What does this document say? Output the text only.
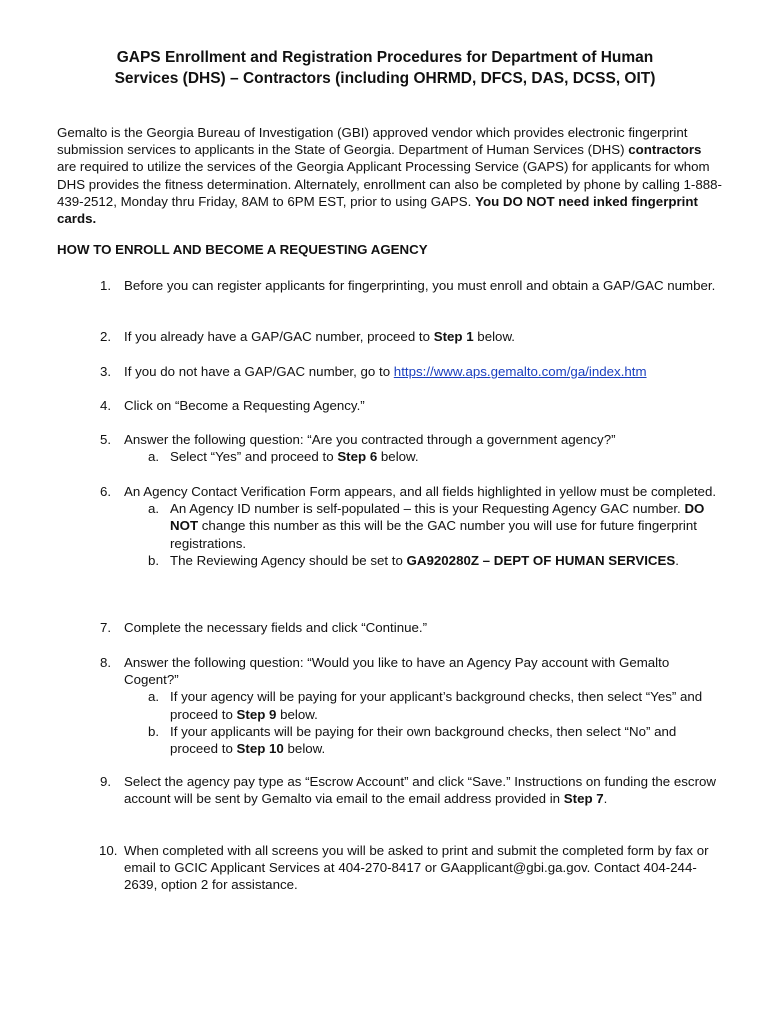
GAPS Enrollment and Registration Procedures for Department of Human
Services (DHS) – Contractors (including OHRMD, DFCS, DAS, DCSS, OIT)
Gemalto is the Georgia Bureau of Investigation (GBI) approved vendor which provides electronic fingerprint submission services to applicants in the State of Georgia. Department of Human Services (DHS) contractors are required to utilize the services of the Georgia Applicant Processing Service (GAPS) for applicants for whom DHS provides the fitness determination. Alternately, enrollment can also be completed by phone by calling 1-888-439-2512, Monday thru Friday, 8AM to 6PM EST, prior to using GAPS. You DO NOT need inked fingerprint cards.
HOW TO ENROLL AND BECOME A REQUESTING AGENCY
1. Before you can register applicants for fingerprinting, you must enroll and obtain a GAP/GAC number.
2. If you already have a GAP/GAC number, proceed to Step 1 below.
3. If you do not have a GAP/GAC number, go to https://www.aps.gemalto.com/ga/index.htm
4. Click on “Become a Requesting Agency.”
5. Answer the following question: “Are you contracted through a government agency?”
a. Select “Yes” and proceed to Step 6 below.
6. An Agency Contact Verification Form appears, and all fields highlighted in yellow must be completed.
a. An Agency ID number is self-populated – this is your Requesting Agency GAC number. DO NOT change this number as this will be the GAC number you will use for future fingerprint registrations.
b. The Reviewing Agency should be set to GA920280Z – DEPT OF HUMAN SERVICES.
7. Complete the necessary fields and click “Continue.”
8. Answer the following question: “Would you like to have an Agency Pay account with Gemalto Cogent?”
a. If your agency will be paying for your applicant’s background checks, then select “Yes” and proceed to Step 9 below.
b. If your applicants will be paying for their own background checks, then select “No” and proceed to Step 10 below.
9. Select the agency pay type as “Escrow Account” and click “Save.” Instructions on funding the escrow account will be sent by Gemalto via email to the email address provided in Step 7.
10. When completed with all screens you will be asked to print and submit the completed form by fax or email to GCIC Applicant Services at 404-270-8417 or GAapplicant@gbi.ga.gov. Contact 404-244-2639, option 2 for assistance.
